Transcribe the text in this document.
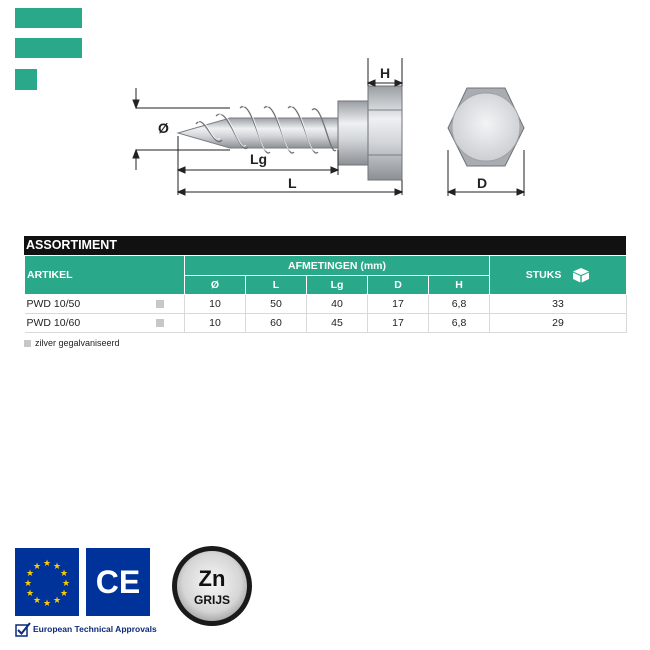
H
Ø
Lg
L	D
ASSORTIMENT
ARTIKEL		AFMETINGEN (mm)					STUKS
		Ø	L	Lg	D	H	
PWD 10/50		10	50	40	17	6,8	33
PWD 10/60		10	60	45	17	6,8	29
zilver gegalvaniseerd
★ ★
★
★
★
★
★
★
★
★
★
★ CE
European Technical Approvals
Zn
GRIJS
